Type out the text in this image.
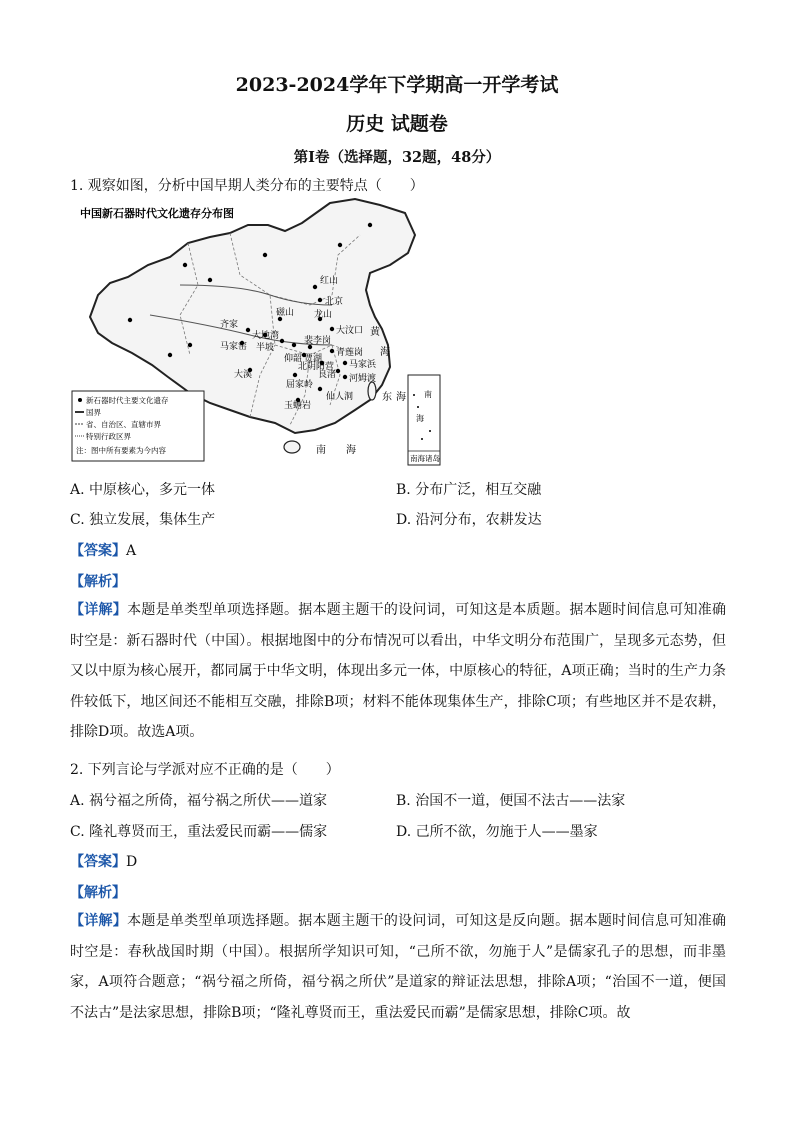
2023-2024学年下学期高一开学考试
历史 试题卷
第Ⅰ卷（选择题，32题，48分）
1. 观察如图，分析中国早期人类分布的主要特点（　　）
中国新石器时代文化遗存分布图
红山
北京
半坡
大汶口
马家窑
齐家
仰韶
大地湾
龙山
青莲岗
马家浜
河姆渡
屈家岭
大溪	良渚
玉蟾岩
仙人洞
北阴阳营
裴李岗
磁山
贾湖
黄
海
东 海
南 海
新石器时代主要文化遗存
国界
省、自治区、直辖市界
特别行政区界
注：图中所有要素为今内容
南
海
南海诸岛
A. 中原核心，多元一体	B. 分布广泛，相互交融
C. 独立发展，集体生产	D. 沿河分布，农耕发达
【答案】A
【解析】
【详解】本题是单类型单项选择题。据本题主题干的设问词，可知这是本质题。据本题时间信息可知准确时空是：新石器时代（中国）。根据地图中的分布情况可以看出，中华文明分布范围广，呈现多元态势，但又以中原为核心展开，都同属于中华文明，体现出多元一体，中原核心的特征，A项正确；当时的生产力条件较低下，地区间还不能相互交融，排除B项；材料不能体现集体生产，排除C项；有些地区并不是农耕，排除D项。故选A项。
2. 下列言论与学派对应不正确的是（　　）
A. 祸兮福之所倚，福兮祸之所伏——道家	B. 治国不一道，便国不法古——法家
C. 隆礼尊贤而王，重法爱民而霸——儒家	D. 己所不欲，勿施于人——墨家
【答案】D
【解析】
【详解】本题是单类型单项选择题。据本题主题干的设问词，可知这是反向题。据本题时间信息可知准确时空是：春秋战国时期（中国）。根据所学知识可知，“己所不欲，勿施于人”是儒家孔子的思想，而非墨家，A项符合题意；“祸兮福之所倚，福兮祸之所伏”是道家的辩证法思想，排除A项；“治国不一道，便国不法古”是法家思想，排除B项；“隆礼尊贤而王，重法爱民而霸”是儒家思想，排除C项。故
